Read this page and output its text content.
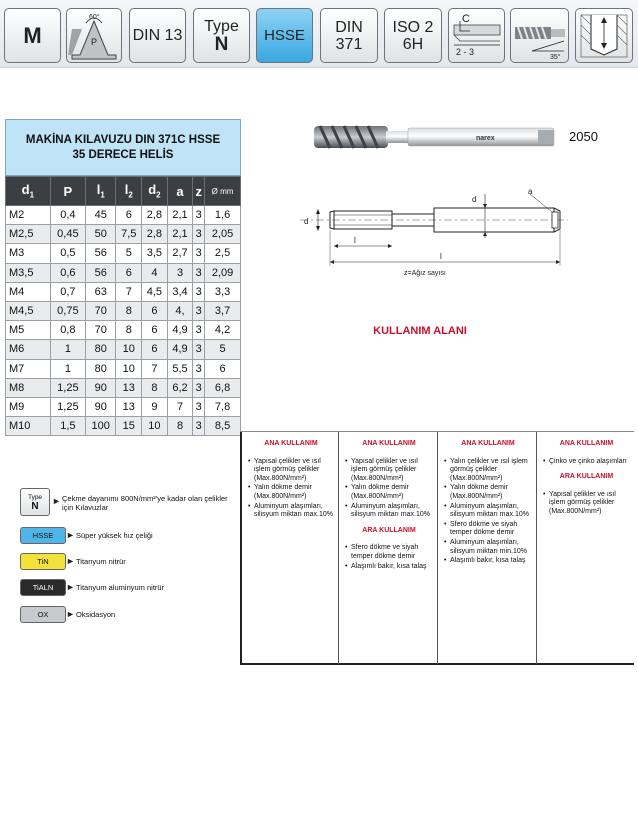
M
60°
P DIN 13
Type
N HSSE DIN
371
ISO 2
6H
C
2 - 3
35°
MAKİNA KILAVUZU DIN 371C HSSE
35 DERECE HELİS
$d_1$	P	$l_1$	$l_2$	$d_2$	a	z	Ø mm

M2	0,4	45	6	2,8	2,1	3	1,6
M2,5	0,45	50	7,5	2,8	2,1	3	2,05
M3	0,5	56	5	3,5	2,7	3	2,5
M3,5	0,6	56	6	4	3	3	2,09
M4	0,7	63	7	4,5	3,4	3	3,3
M4,5	0,75	70	8	6	4,	3	3,7
M5	0,8	70	8	6	4,9	3	4,2
M6	1	80	10	6	4,9	3	5
M7	1	80	10	7	5,5	3	6
M8	1,25	90	13	8	6,2	3	6,8
M9	1,25	90	13	9	7	3	7,8
M10	1,5	100	15	10	8	3	8,5
narex	2050
d
d
a
l
l
z=Ağız sayısı
KULLANIM ALANI
ANA KULLANIM
• Yapısal çelikler ve ısıl işlem görmüş çelikler (Max.800N/mm²)
• Yalın dökme demir (Max.800N/mm²)
• Aluminyum alaşımları, silisyum miktarı max.10%
ANA KULLANIM
• Yapısal çelikler ve ısıl işlem görmüş çelikler (Max.800N/mm²)
• Yalın dökme demir (Max.800N/mm²)
• Aluminyum alaşımları, silisyum miktarı max.10%
ARA KULLANIM
• Sfero dökme ve siyah temper dökme demir
• Alaşımlı bakır, kısa talaş
ANA KULLANIM
• Yalın çelikler ve ısıl işlem görmüş çelikler (Max.800N/mm²)
• Yalın dökme demir (Max.800N/mm²)
• Aluminyum alaşımları, silisyum miktarı max.10%
• Sfero dökme ve siyah temper dökme demir
• Aluminyum alaşımları, silisyum miktarı min.10%
• Alaşımlı bakır, kısa talaş
ANA KULLANIM
• Çinko ve çinko alaşımları
ARA KULLANIM
• Yapısal çelikler ve ısıl işlem görmüş çelikler (Max.800N/mm²)
Type
N ► Çekme dayanımı 800N/mm²'ye kadar olan çelikler için Kılavuzlar
HSSE ► Süper yüksek hız çeliği
TiN ► Titanyum nitrür
TiALN ► Titanyum aluminyum nitrür
OX ► Oksidasyon
